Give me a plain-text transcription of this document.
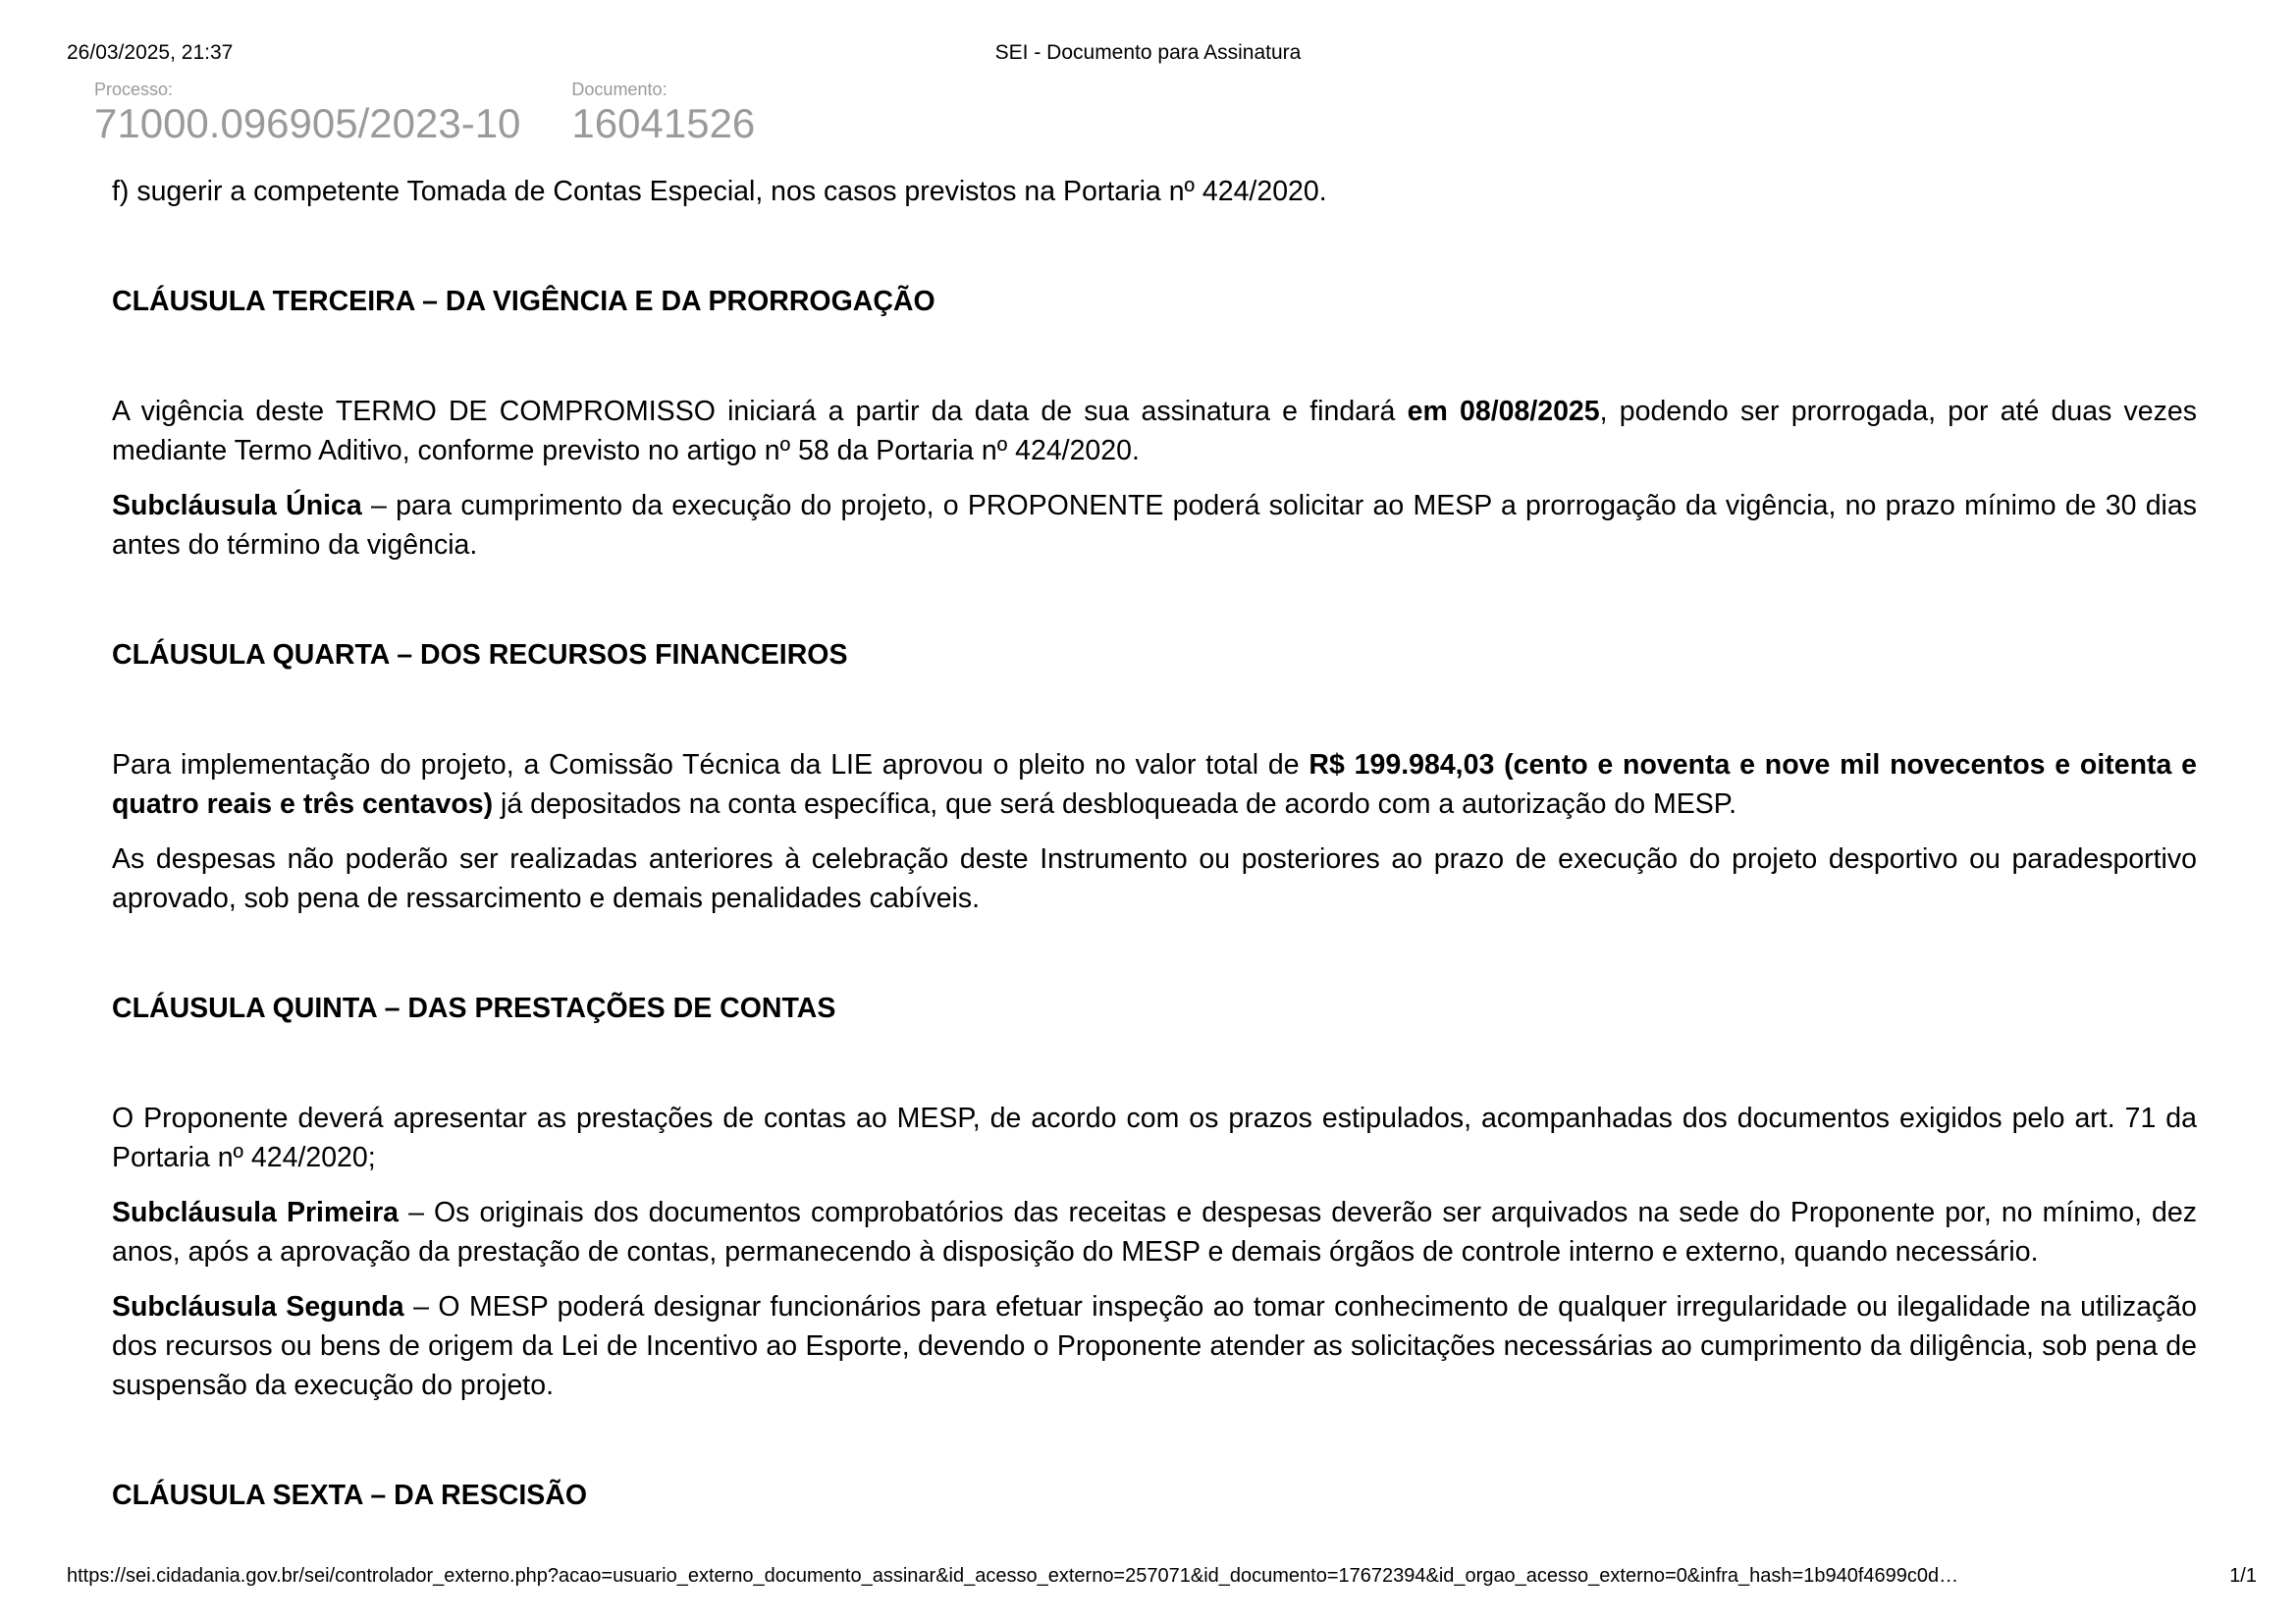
26/03/2025, 21:37	SEI - Documento para Assinatura
Processo:
71000.096905/2023-10
Documento:
16041526

f) sugerir a competente Tomada de Contas Especial, nos casos previstos na Portaria nº 424/2020.

CLÁUSULA TERCEIRA – DA VIGÊNCIA E DA PRORROGAÇÃO

A vigência deste TERMO DE COMPROMISSO iniciará a partir da data de sua assinatura e findará em 08/08/2025, podendo ser prorrogada, por até duas vezes mediante Termo Aditivo, conforme previsto no artigo nº 58 da Portaria nº 424/2020.

Subcláusula Única – para cumprimento da execução do projeto, o PROPONENTE poderá solicitar ao MESP a prorrogação da vigência, no prazo mínimo de 30 dias antes do término da vigência.

CLÁUSULA QUARTA – DOS RECURSOS FINANCEIROS

Para implementação do projeto, a Comissão Técnica da LIE aprovou o pleito no valor total de R$ 199.984,03 (cento e noventa e nove mil novecentos e oitenta e quatro reais e três centavos) já depositados na conta específica, que será desbloqueada de acordo com a autorização do MESP.

As despesas não poderão ser realizadas anteriores à celebração deste Instrumento ou posteriores ao prazo de execução do projeto desportivo ou paradesportivo aprovado, sob pena de ressarcimento e demais penalidades cabíveis.

CLÁUSULA QUINTA – DAS PRESTAÇÕES DE CONTAS

O Proponente deverá apresentar as prestações de contas ao MESP, de acordo com os prazos estipulados, acompanhadas dos documentos exigidos pelo art. 71 da Portaria nº 424/2020;

Subcláusula Primeira – Os originais dos documentos comprobatórios das receitas e despesas deverão ser arquivados na sede do Proponente por, no mínimo, dez anos, após a aprovação da prestação de contas, permanecendo à disposição do MESP e demais órgãos de controle interno e externo, quando necessário.

Subcláusula Segunda – O MESP poderá designar funcionários para efetuar inspeção ao tomar conhecimento de qualquer irregularidade ou ilegalidade na utilização dos recursos ou bens de origem da Lei de Incentivo ao Esporte, devendo o Proponente atender as solicitações necessárias ao cumprimento da diligência, sob pena de suspensão da execução do projeto.

CLÁUSULA SEXTA – DA RESCISÃO

https://sei.cidadania.gov.br/sei/controlador_externo.php?acao=usuario_externo_documento_assinar&id_acesso_externo=257071&id_documento=17672394&id_orgao_acesso_externo=0&infra_hash=1b940f4699c0d…	1/1
